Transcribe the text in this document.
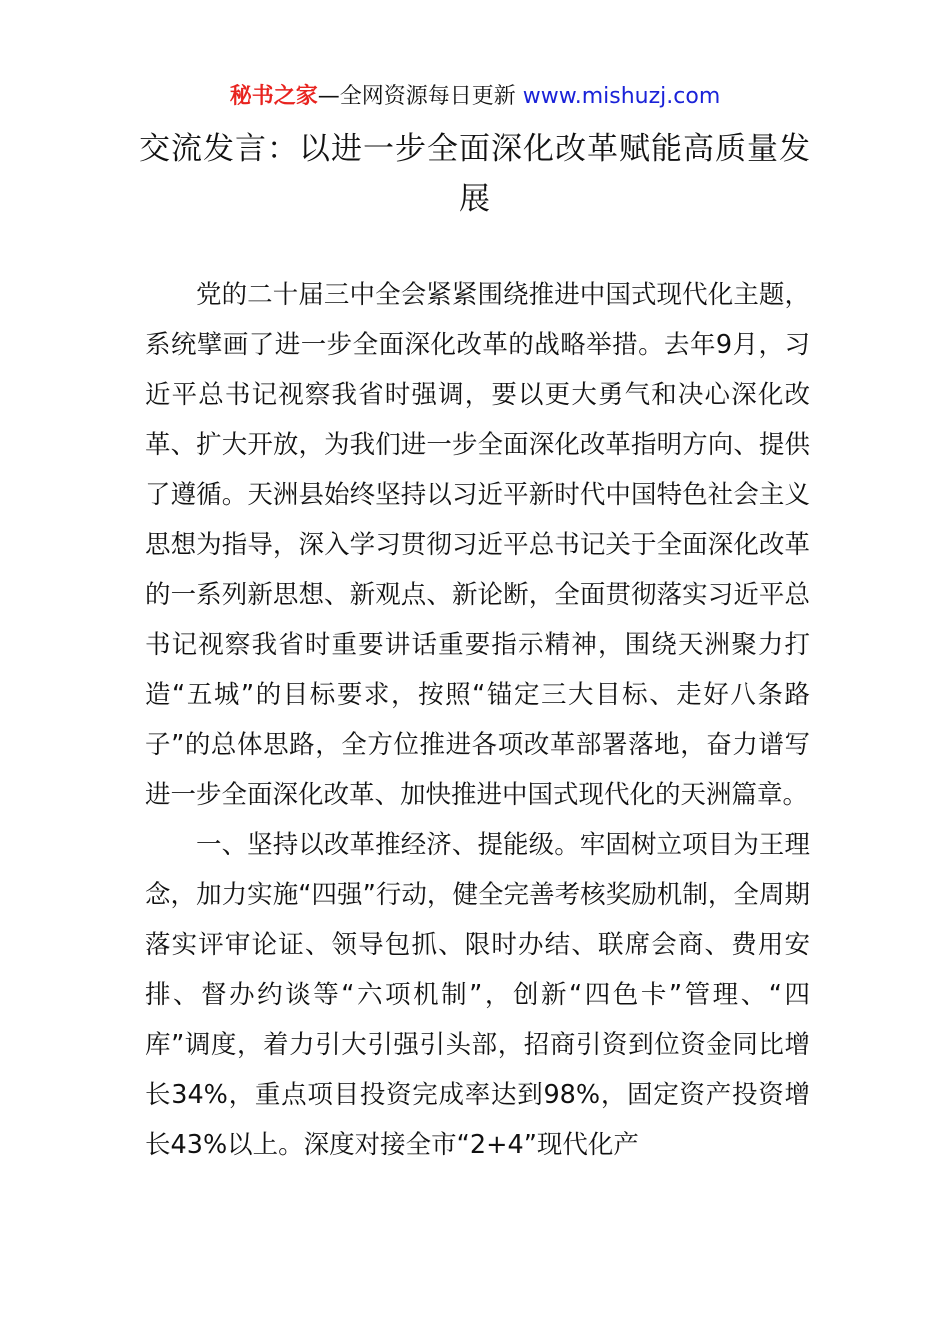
秘书之家—全网资源每日更新 www.mishuzj.com
交流发言：以进一步全面深化改革赋能高质量发展

党的二十届三中全会紧紧围绕推进中国式现代化主题，系统擘画了进一步全面深化改革的战略举措。去年9月，习近平总书记视察我省时强调，要以更大勇气和决心深化改革、扩大开放，为我们进一步全面深化改革指明方向、提供了遵循。天洲县始终坚持以习近平新时代中国特色社会主义思想为指导，深入学习贯彻习近平总书记关于全面深化改革的一系列新思想、新观点、新论断，全面贯彻落实习近平总书记视察我省时重要讲话重要指示精神，围绕天洲聚力打造“五城”的目标要求，按照“锚定三大目标、走好八条路子”的总体思路，全方位推进各项改革部署落地，奋力谱写进一步全面深化改革、加快推进中国式现代化的天洲篇章。

一、坚持以改革推经济、提能级。牢固树立项目为王理念，加力实施“四强”行动，健全完善考核奖励机制，全周期落实评审论证、领导包抓、限时办结、联席会商、费用安排、督办约谈等“六项机制”，创新“四色卡”管理、“四库”调度，着力引大引强引头部，招商引资到位资金同比增长34%，重点项目投资完成率达到98%，固定资产投资增长43%以上。深度对接全市“2+4”现代化产
